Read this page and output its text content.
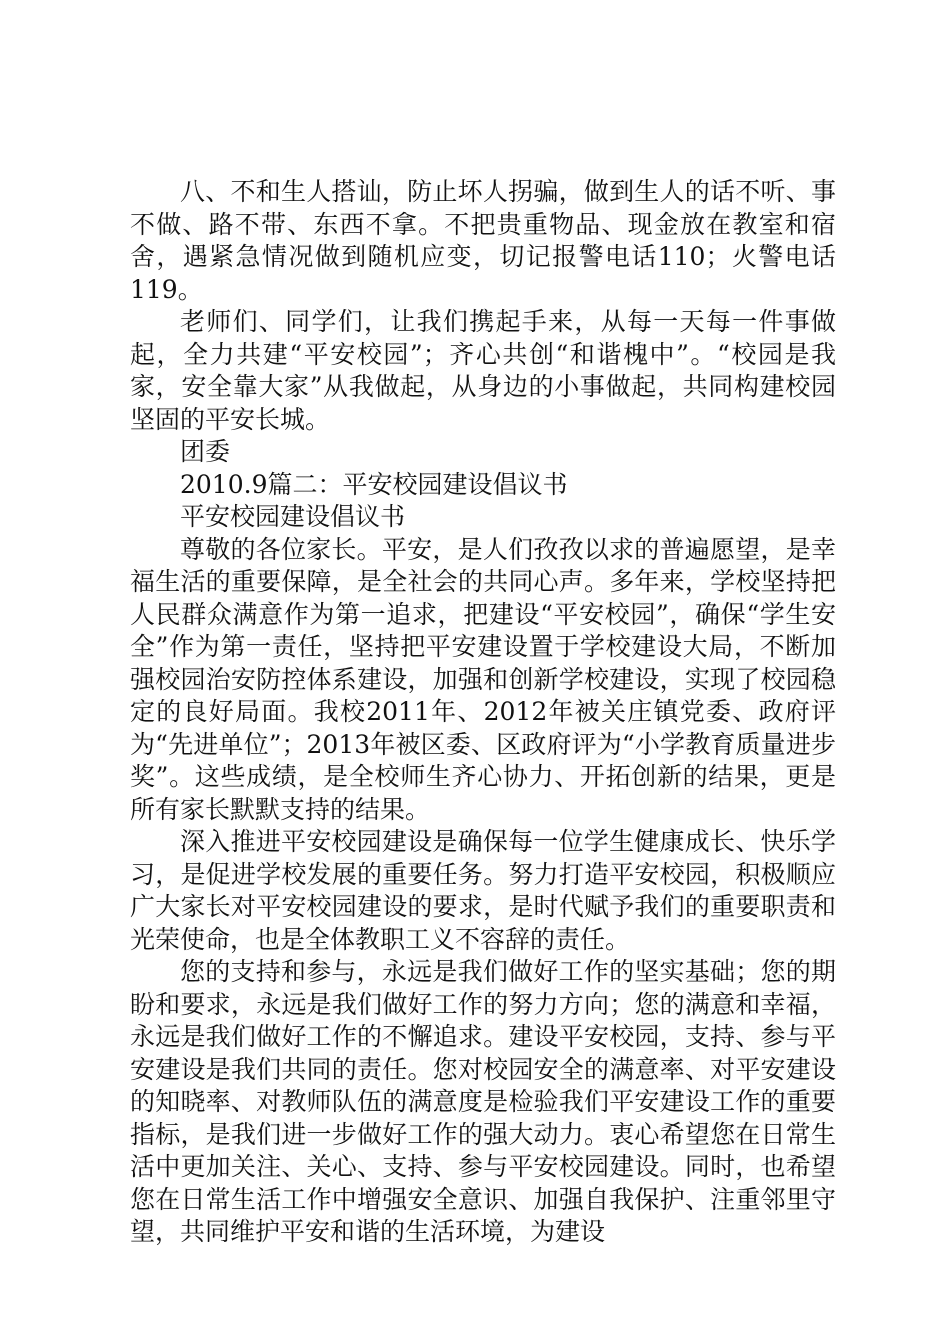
八、不和生人搭讪，防止坏人拐骗，做到生人的话不听、事不做、路不带、东西不拿。不把贵重物品、现金放在教室和宿舍，遇紧急情况做到随机应变，切记报警电话110；火警电话119。

老师们、同学们，让我们携起手来，从每一天每一件事做起，全力共建“平安校园”；齐心共创“和谐槐中”。“校园是我家，安全靠大家”从我做起，从身边的小事做起，共同构建校园坚固的平安长城。

团委

2010.9篇二：平安校园建设倡议书

平安校园建设倡议书

尊敬的各位家长。平安，是人们孜孜以求的普遍愿望，是幸福生活的重要保障，是全社会的共同心声。多年来，学校坚持把人民群众满意作为第一追求，把建设“平安校园”，确保“学生安全”作为第一责任，坚持把平安建设置于学校建设大局，不断加强校园治安防控体系建设，加强和创新学校建设，实现了校园稳定的良好局面。我校2011年、2012年被关庄镇党委、政府评为“先进单位”；2013年被区委、区政府评为“小学教育质量进步奖”。这些成绩，是全校师生齐心协力、开拓创新的结果，更是所有家长默默支持的结果。

深入推进平安校园建设是确保每一位学生健康成长、快乐学习，是促进学校发展的重要任务。努力打造平安校园，积极顺应广大家长对平安校园建设的要求，是时代赋予我们的重要职责和光荣使命，也是全体教职工义不容辞的责任。

您的支持和参与，永远是我们做好工作的坚实基础；您的期盼和要求，永远是我们做好工作的努力方向；您的满意和幸福，永远是我们做好工作的不懈追求。建设平安校园，支持、参与平安建设是我们共同的责任。您对校园安全的满意率、对平安建设的知晓率、对教师队伍的满意度是检验我们平安建设工作的重要指标，是我们进一步做好工作的强大动力。衷心希望您在日常生活中更加关注、关心、支持、参与平安校园建设。同时，也希望您在日常生活工作中增强安全意识、加强自我保护、注重邻里守望，共同维护平安和谐的生活环境，为建设
